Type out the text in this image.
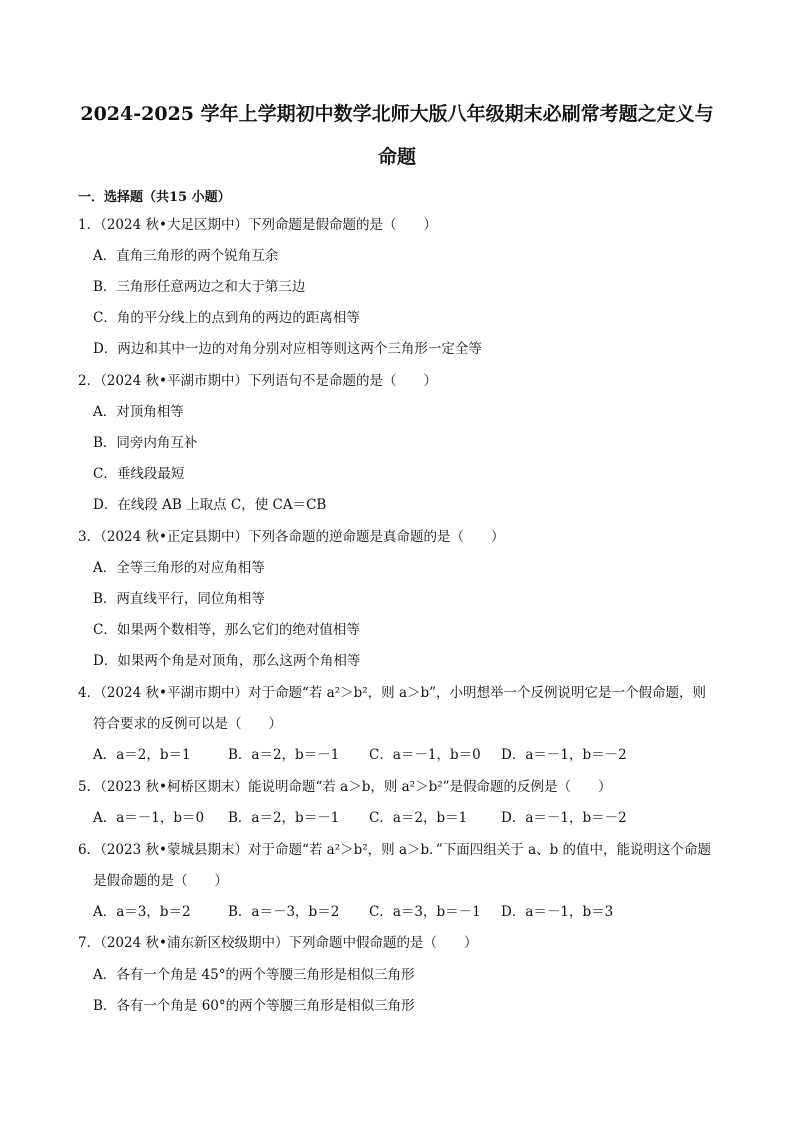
2024-2025 学年上学期初中数学北师大版八年级期末必刷常考题之定义与
命题
一．选择题（共15 小题）
1．（2024 秋•大足区期中）下列命题是假命题的是（　　）
A．直角三角形的两个锐角互余
B．三角形任意两边之和大于第三边
C．角的平分线上的点到角的两边的距离相等
D．两边和其中一边的对角分别对应相等则这两个三角形一定全等
2．（2024 秋•平湖市期中）下列语句不是命题的是（　　）
A．对顶角相等
B．同旁内角互补
C．垂线段最短
D．在线段 AB 上取点 C，使 CA＝CB
3．（2024 秋•正定县期中）下列各命题的逆命题是真命题的是（　　）
A．全等三角形的对应角相等
B．两直线平行，同位角相等
C．如果两个数相等，那么它们的绝对值相等
D．如果两个角是对顶角，那么这两个角相等
4．（2024 秋•平湖市期中）对于命题“若 a²＞b²，则 a＞b”，小明想举一个反例说明它是一个假命题，则
符合要求的反例可以是（　　）
A．a＝2，b＝1	B．a＝2，b＝－1 C．a＝－1，b＝0 D．a＝－1，b＝－2
5．（2023 秋•柯桥区期末）能说明命题“若 a＞b，则 a²＞b²”是假命题的反例是（　　）
A．a＝－1，b＝0 B．a＝2，b＝－1 C．a＝2，b＝1	D．a＝－1，b＝－2
6．（2023 秋•蒙城县期末）对于命题“若 a²＞b²，则 a＞b．”下面四组关于 a、b 的值中，能说明这个命题
是假命题的是（　　）
A．a＝3，b＝2	B．a＝－3，b＝2 C．a＝3，b＝－1 D．a＝－1，b＝3
7．（2024 秋•浦东新区校级期中）下列命题中假命题的是（　　）
A．各有一个角是 45°的两个等腰三角形是相似三角形
B．各有一个角是 60°的两个等腰三角形是相似三角形
